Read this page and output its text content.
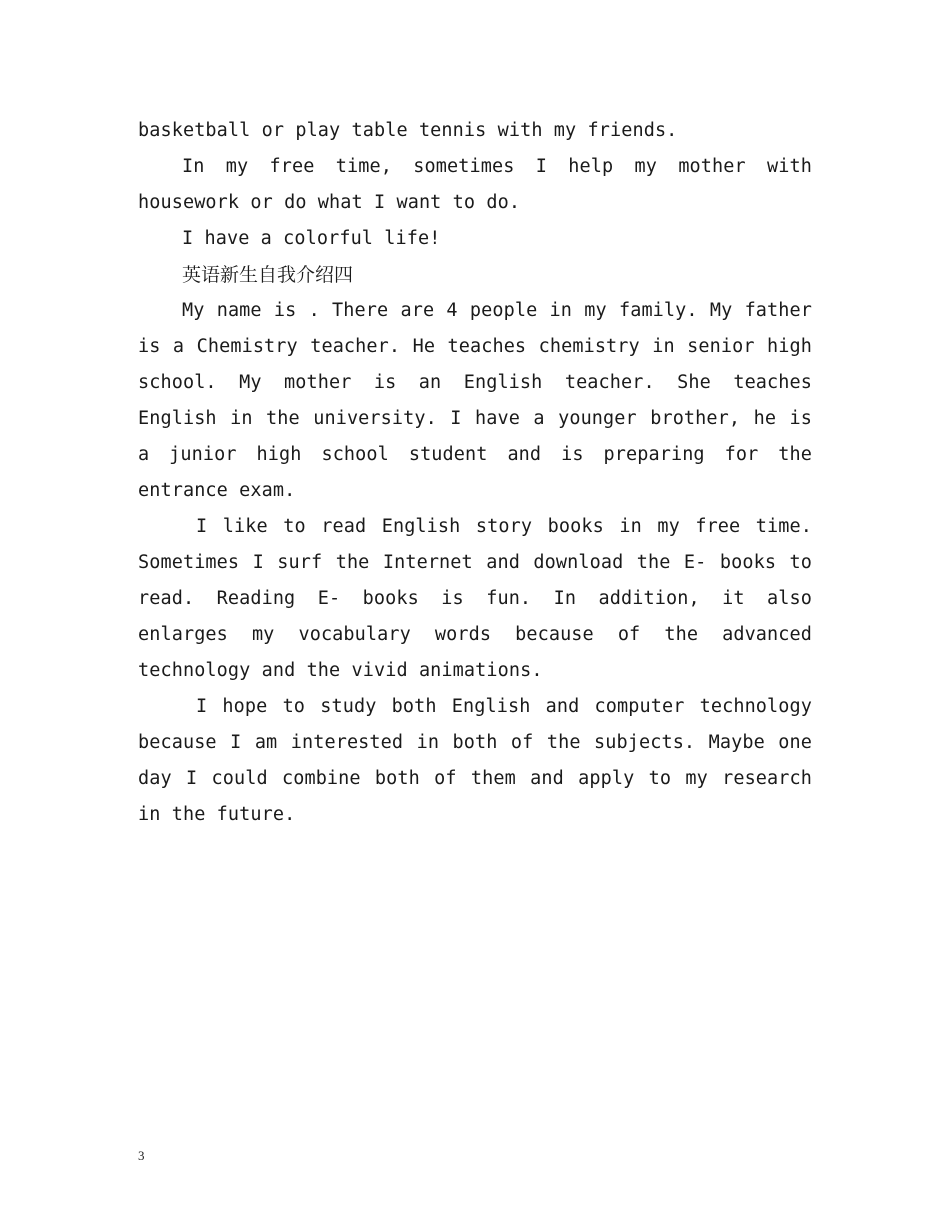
basketball or play table tennis with my friends.

In my free time, sometimes I help my mother with housework or do what I want to do.

I have a colorful life!

英语新生自我介绍四

My name is . There are 4 people in my family. My father is a Chemistry teacher. He teaches chemistry in senior high school. My mother is an English teacher. She teaches English in the university. I have a younger brother, he is a junior high school student and is preparing for the entrance exam.

I like to read English story books in my free time. Sometimes I surf the Internet and download the E- books to read. Reading E- books is fun. In addition, it also enlarges my vocabulary words because of the advanced technology and the vivid animations.

I hope to study both English and computer technology because I am interested in both of the subjects. Maybe one day I could combine both of them and apply to my research in the future.

3
